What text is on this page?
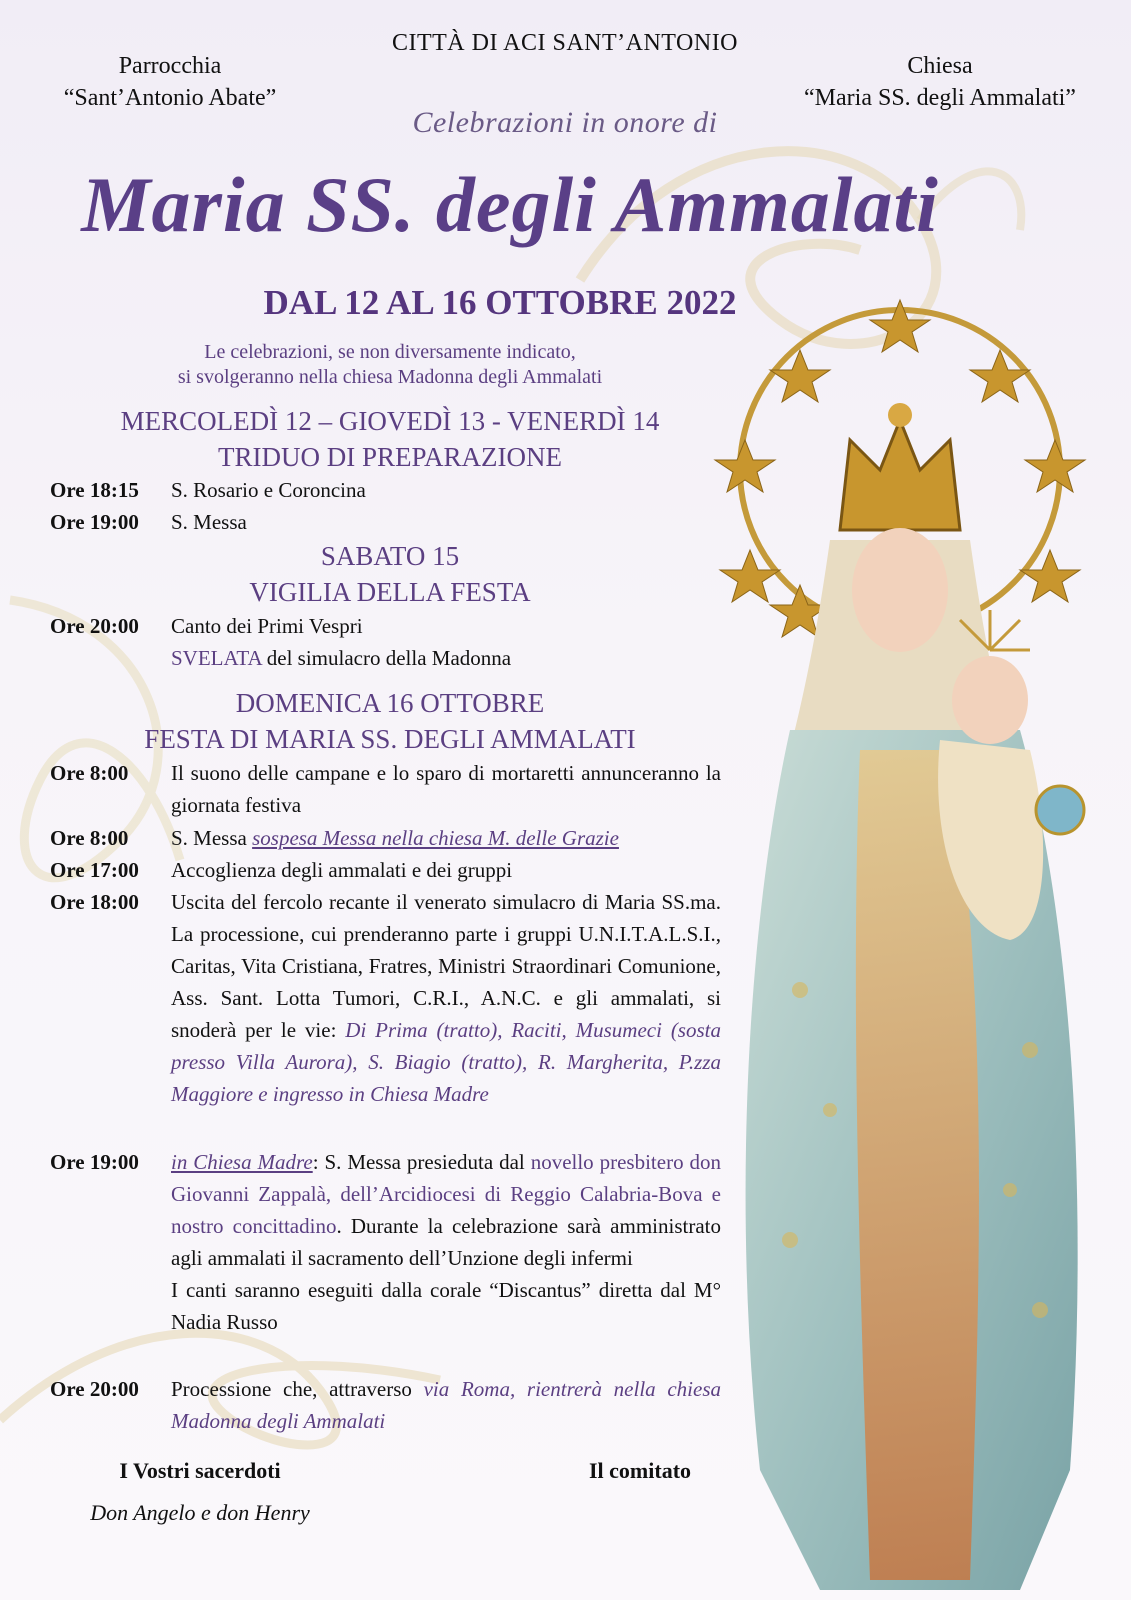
CITTÀ DI ACI SANT’ANTONIO
Parrocchia
“Sant’Antonio Abate”
Chiesa
“Maria SS. degli Ammalati”
Celebrazioni in onore di
Maria SS. degli Ammalati
DAL 12 AL 16 OTTOBRE 2022
Le celebrazioni, se non diversamente indicato,
si svolgeranno nella chiesa Madonna degli Ammalati
MERCOLEDÌ 12 – GIOVEDÌ 13 - VENERDÌ 14
TRIDUO DI PREPARAZIONE
Ore 18:15	S. Rosario e Coroncina
Ore 19:00	S. Messa
SABATO 15
VIGILIA DELLA FESTA
Ore 20:00	Canto dei Primi Vespri
SVELATA del simulacro della Madonna
DOMENICA 16 OTTOBRE
FESTA DI MARIA SS. DEGLI AMMALATI
Ore 8:00	Il suono delle campane e lo sparo di mortaretti annunceranno la giornata festiva
Ore 8:00	S. Messa sospesa Messa nella chiesa M. delle Grazie
Ore 17:00	Accoglienza degli ammalati e dei gruppi
Ore 18:00	Uscita del fercolo recante il venerato simulacro di Maria SS.ma. La processione, cui prenderanno parte i gruppi U.N.I.T.A.L.S.I., Caritas, Vita Cristiana, Fratres, Ministri Straordinari Comunione, Ass. Sant. Lotta Tumori, C.R.I., A.N.C. e gli ammalati, si snoderà per le vie: Di Prima (tratto), Raciti, Musumeci (sosta presso Villa Aurora), S. Biagio (tratto), R. Margherita, P.zza Maggiore e ingresso in Chiesa Madre
Ore 19:00	in Chiesa Madre: S. Messa presieduta dal novello presbitero don Giovanni Zappalà, dell’Arcidiocesi di Reggio Calabria-Bova e nostro concittadino. Durante la celebrazione sarà amministrato agli ammalati il sacramento dell’Unzione degli infermi
I canti saranno eseguiti dalla corale “Discantus” diretta dal M° Nadia Russo
Ore 20:00	Processione che, attraverso via Roma, rientrerà nella chiesa Madonna degli Ammalati
I Vostri sacerdoti	Il comitato
Don Angelo e don Henry
